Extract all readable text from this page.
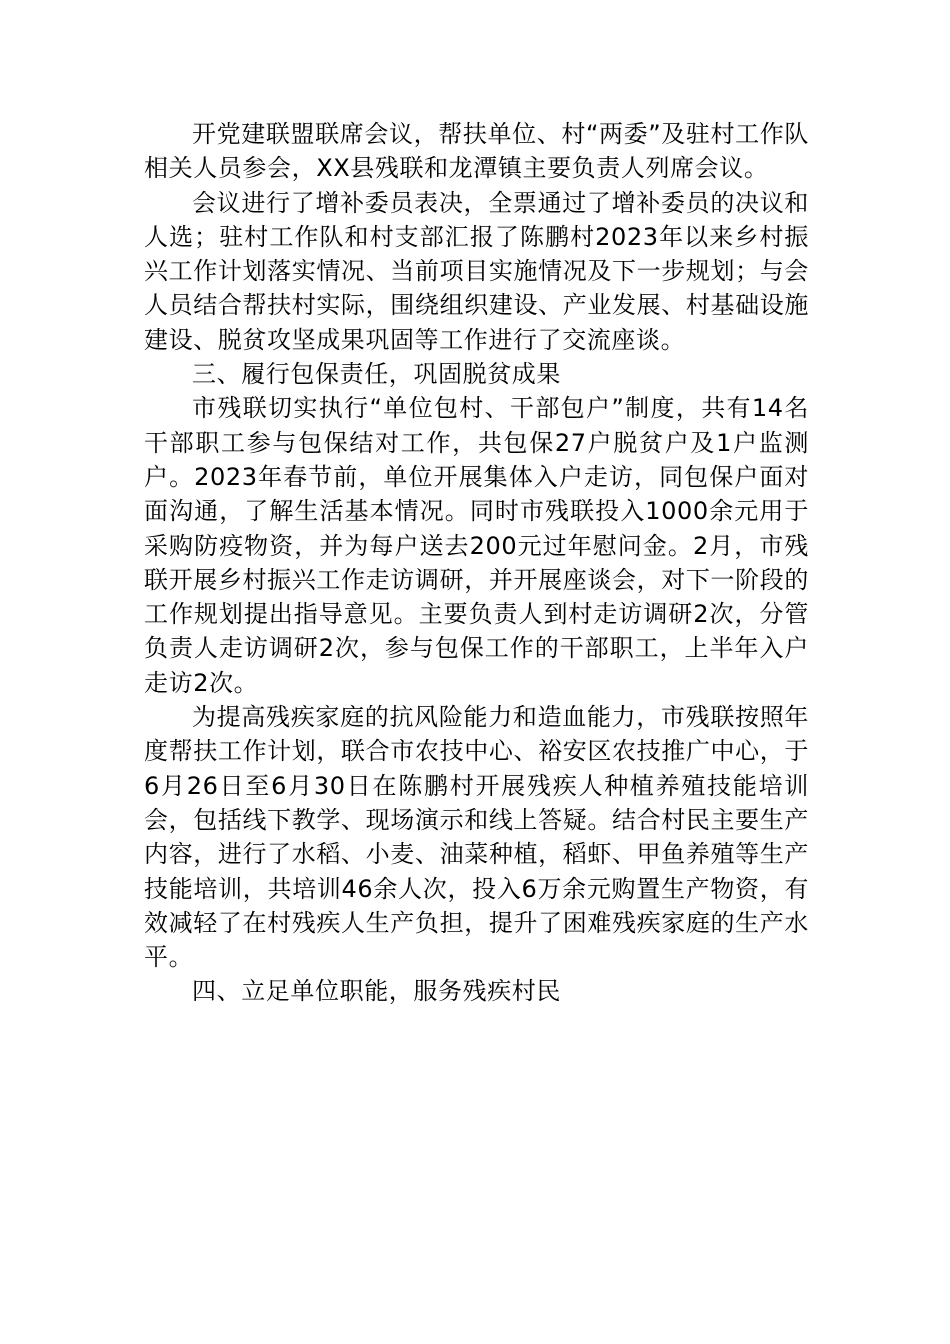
开党建联盟联席会议，帮扶单位、村“两委”及驻村工作队相关人员参会，XX县残联和龙潭镇主要负责人列席会议。

会议进行了增补委员表决，全票通过了增补委员的决议和人选；驻村工作队和村支部汇报了陈鹏村2023年以来乡村振兴工作计划落实情况、当前项目实施情况及下一步规划；与会人员结合帮扶村实际，围绕组织建设、产业发展、村基础设施建设、脱贫攻坚成果巩固等工作进行了交流座谈。

三、履行包保责任，巩固脱贫成果

市残联切实执行“单位包村、干部包户”制度，共有14名干部职工参与包保结对工作，共包保27户脱贫户及1户监测户。2023年春节前，单位开展集体入户走访，同包保户面对面沟通，了解生活基本情况。同时市残联投入1000余元用于采购防疫物资，并为每户送去200元过年慰问金。2月，市残联开展乡村振兴工作走访调研，并开展座谈会，对下一阶段的工作规划提出指导意见。主要负责人到村走访调研2次，分管负责人走访调研2次，参与包保工作的干部职工，上半年入户走访2次。

为提高残疾家庭的抗风险能力和造血能力，市残联按照年度帮扶工作计划，联合市农技中心、裕安区农技推广中心，于6月26日至6月30日在陈鹏村开展残疾人种植养殖技能培训会，包括线下教学、现场演示和线上答疑。结合村民主要生产内容，进行了水稻、小麦、油菜种植，稻虾、甲鱼养殖等生产技能培训，共培训46余人次，投入6万余元购置生产物资，有效减轻了在村残疾人生产负担，提升了困难残疾家庭的生产水平。

四、立足单位职能，服务残疾村民
